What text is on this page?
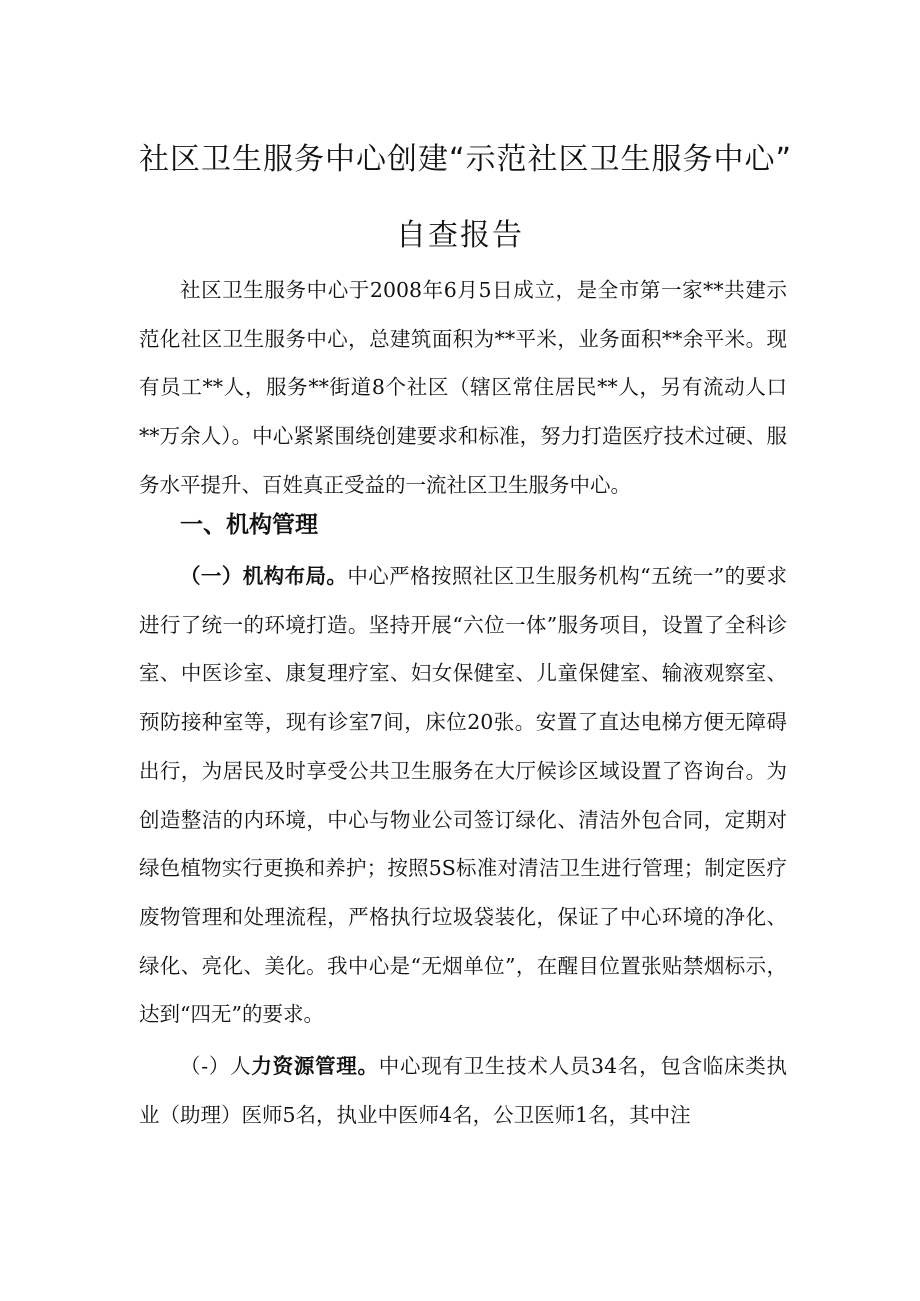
社区卫生服务中心创建“示范社区卫生服务中心”
自查报告

社区卫生服务中心于2008年6月5日成立，是全市第一家**共建示范化社区卫生服务中心，总建筑面积为**平米，业务面积**余平米。现有员工**人，服务**街道8个社区（辖区常住居民**人，另有流动人口**万余人）。中心紧紧围绕创建要求和标准，努力打造医疗技术过硬、服务水平提升、百姓真正受益的一流社区卫生服务中心。

一、机构管理

（一）机构布局。中心严格按照社区卫生服务机构“五统一”的要求进行了统一的环境打造。坚持开展“六位一体”服务项目，设置了全科诊室、中医诊室、康复理疗室、妇女保健室、儿童保健室、输液观察室、预防接种室等，现有诊室7间，床位20张。安置了直达电梯方便无障碍出行，为居民及时享受公共卫生服务在大厅候诊区域设置了咨询台。为创造整洁的内环境，中心与物业公司签订绿化、清洁外包合同，定期对绿色植物实行更换和养护；按照5S标准对清洁卫生进行管理；制定医疗废物管理和处理流程，严格执行垃圾袋装化，保证了中心环境的净化、绿化、亮化、美化。我中心是“无烟单位”，在醒目位置张贴禁烟标示，达到“四无”的要求。

（-）人力资源管理。中心现有卫生技术人员34名，包含临床类执业（助理）医师5名，执业中医师4名，公卫医师1名，其中注
